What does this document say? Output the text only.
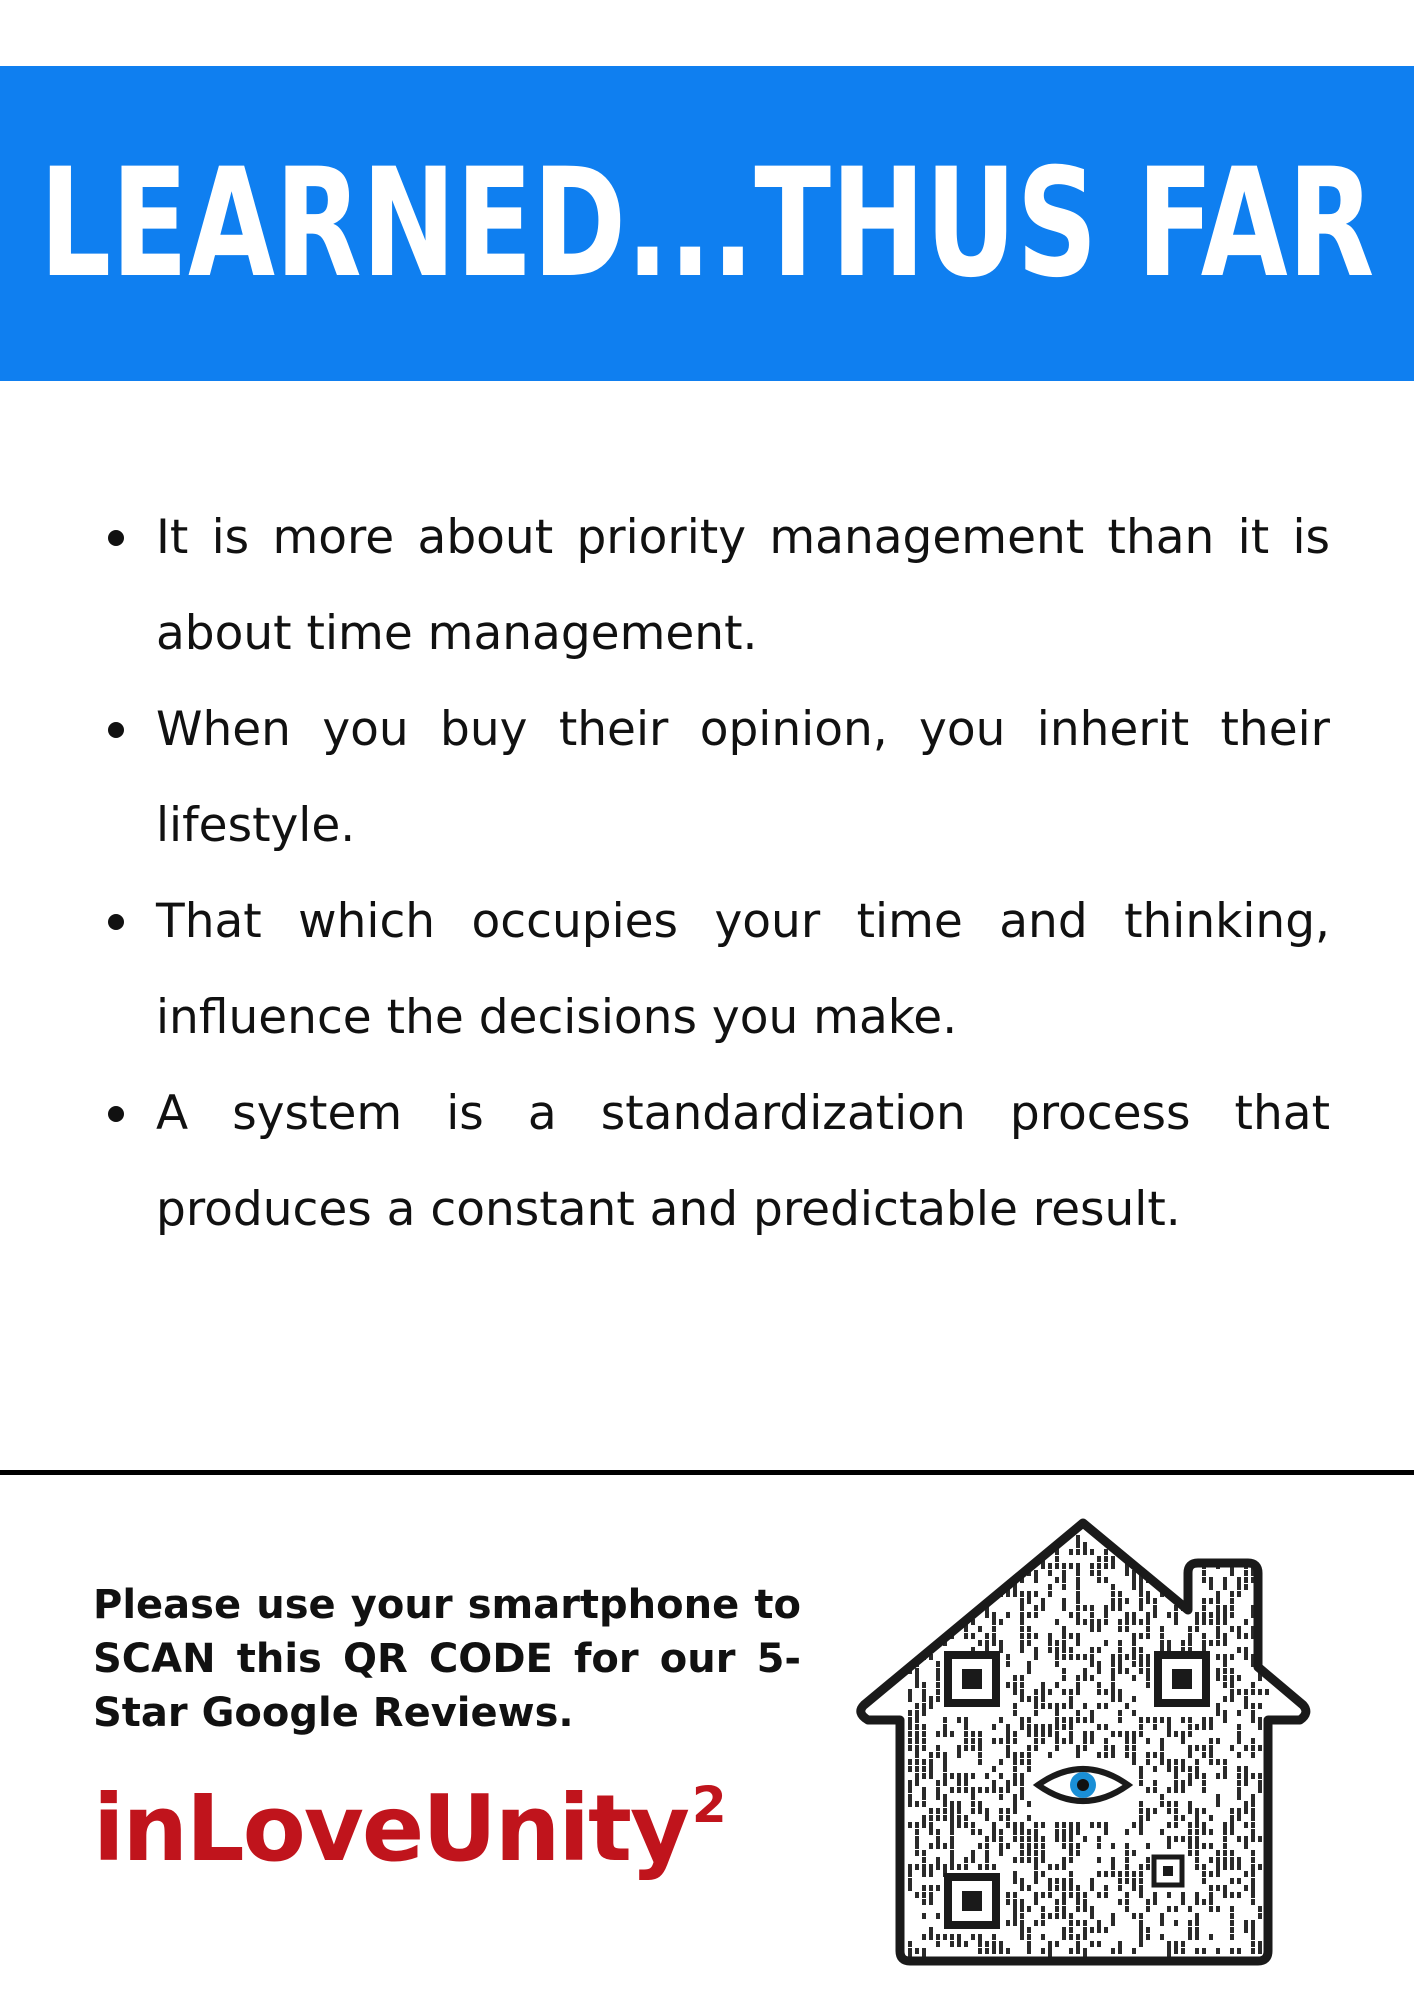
LEARNED...THUS FAR
It is more about priority management than it is about time management.
When you buy their opinion, you inherit their lifestyle.
That which occupies your time and thinking, influence the decisions you make.
A system is a standardization process that produces a constant and predictable result.
Please use your smartphone to SCAN this QR CODE for our 5-Star Google Reviews.
inLoveUnity$^2$
